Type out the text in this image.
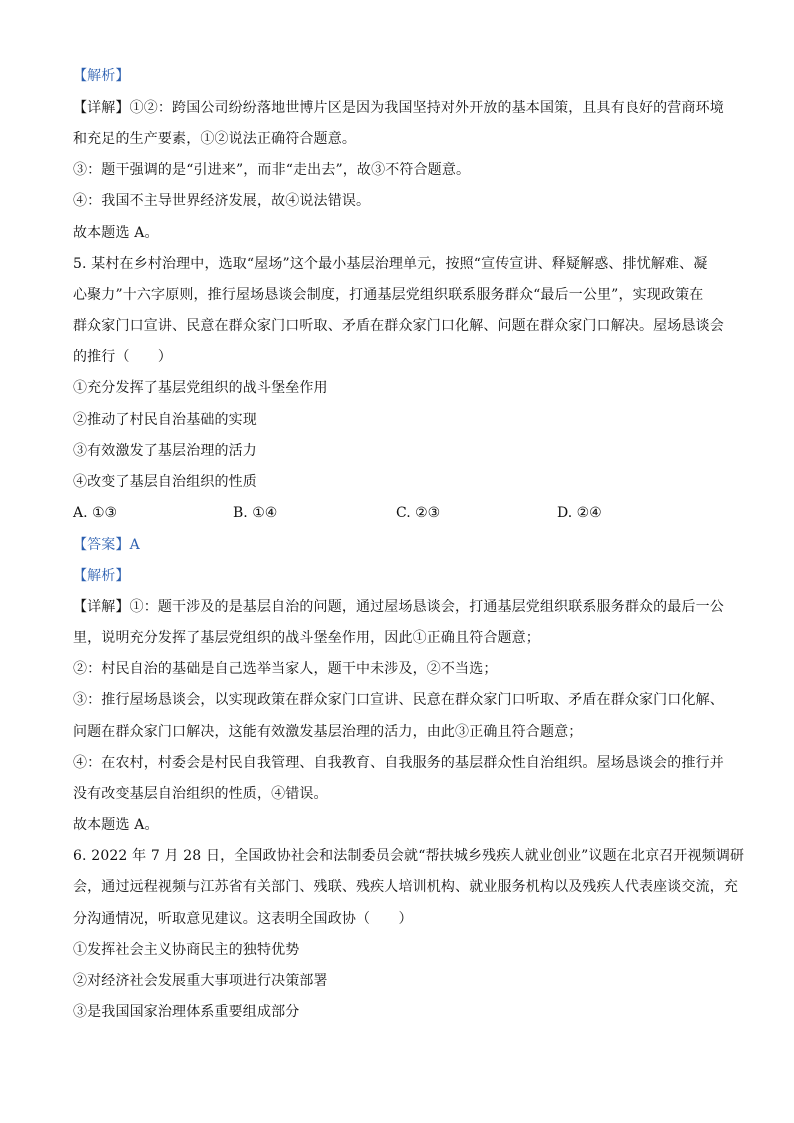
【解析】
【详解】①②：跨国公司纷纷落地世博片区是因为我国坚持对外开放的基本国策，且具有良好的营商环境
和充足的生产要素，①②说法正确符合题意。
③：题干强调的是“引进来”，而非“走出去”，故③不符合题意。
④：我国不主导世界经济发展，故④说法错误。
故本题选 A。
5. 某村在乡村治理中，选取“屋场”这个最小基层治理单元，按照“宣传宣讲、释疑解惑、排忧解难、凝
心聚力”十六字原则，推行屋场恳谈会制度，打通基层党组织联系服务群众“最后一公里”，实现政策在
群众家门口宣讲、民意在群众家门口听取、矛盾在群众家门口化解、问题在群众家门口解决。屋场恳谈会
的推行（　　）
①充分发挥了基层党组织的战斗堡垒作用
②推动了村民自治基础的实现
③有效激发了基层治理的活力
④改变了基层自治组织的性质
A. ①③	B. ①④	C. ②③	D. ②④
【答案】A
【解析】
【详解】①：题干涉及的是基层自治的问题，通过屋场恳谈会，打通基层党组织联系服务群众的最后一公
里，说明充分发挥了基层党组织的战斗堡垒作用，因此①正确且符合题意；
②：村民自治的基础是自己选举当家人，题干中未涉及，②不当选；
③：推行屋场恳谈会，以实现政策在群众家门口宣讲、民意在群众家门口听取、矛盾在群众家门口化解、
问题在群众家门口解决，这能有效激发基层治理的活力，由此③正确且符合题意；
④：在农村，村委会是村民自我管理、自我教育、自我服务的基层群众性自治组织。屋场恳谈会的推行并
没有改变基层自治组织的性质，④错误。
故本题选 A。
6. 2022 年 7 月 28 日，全国政协社会和法制委员会就“帮扶城乡残疾人就业创业”议题在北京召开视频调研
会，通过远程视频与江苏省有关部门、残联、残疾人培训机构、就业服务机构以及残疾人代表座谈交流，充
分沟通情况，听取意见建议。这表明全国政协（　　）
①发挥社会主义协商民主的独特优势
②对经济社会发展重大事项进行决策部署
③是我国国家治理体系重要组成部分
